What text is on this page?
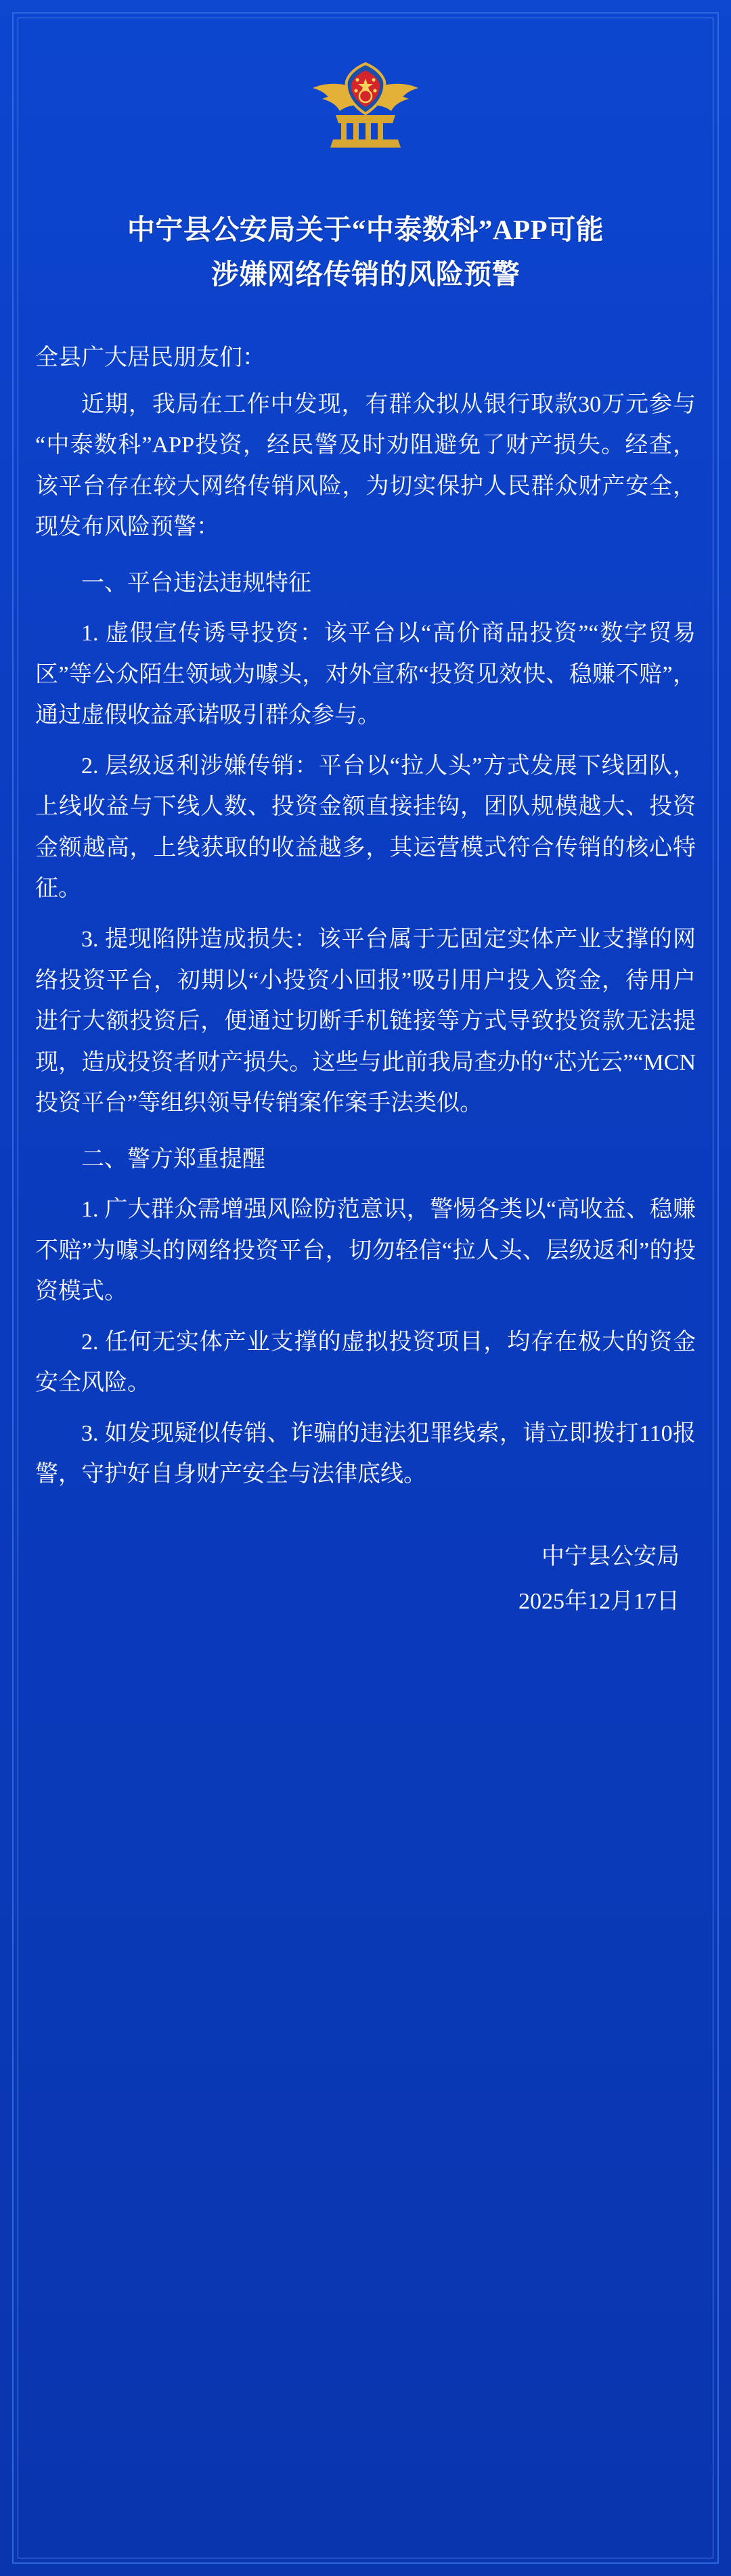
中宁县公安局关于“中泰数科”APP可能
涉嫌网络传销的风险预警
全县广大居民朋友们：

近期，我局在工作中发现，有群众拟从银行取款30万元参与“中泰数科”APP投资，经民警及时劝阻避免了财产损失。经查，该平台存在较大网络传销风险，为切实保护人民群众财产安全，现发布风险预警：

一、平台违法违规特征

1. 虚假宣传诱导投资：该平台以“高价商品投资”“数字贸易区”等公众陌生领域为噱头，对外宣称“投资见效快、稳赚不赔”，通过虚假收益承诺吸引群众参与。

2. 层级返利涉嫌传销：平台以“拉人头”方式发展下线团队，上线收益与下线人数、投资金额直接挂钩，团队规模越大、投资金额越高，上线获取的收益越多，其运营模式符合传销的核心特征。

3. 提现陷阱造成损失：该平台属于无固定实体产业支撑的网络投资平台，初期以“小投资小回报”吸引用户投入资金，待用户进行大额投资后，便通过切断手机链接等方式导致投资款无法提现，造成投资者财产损失。这些与此前我局查办的“芯光云”“MCN投资平台”等组织领导传销案作案手法类似。

二、警方郑重提醒

1. 广大群众需增强风险防范意识，警惕各类以“高收益、稳赚不赔”为噱头的网络投资平台，切勿轻信“拉人头、层级返利”的投资模式。

2. 任何无实体产业支撑的虚拟投资项目，均存在极大的资金安全风险。

3. 如发现疑似传销、诈骗的违法犯罪线索，请立即拨打110报警，守护好自身财产安全与法律底线。

中宁县公安局
2025年12月17日
